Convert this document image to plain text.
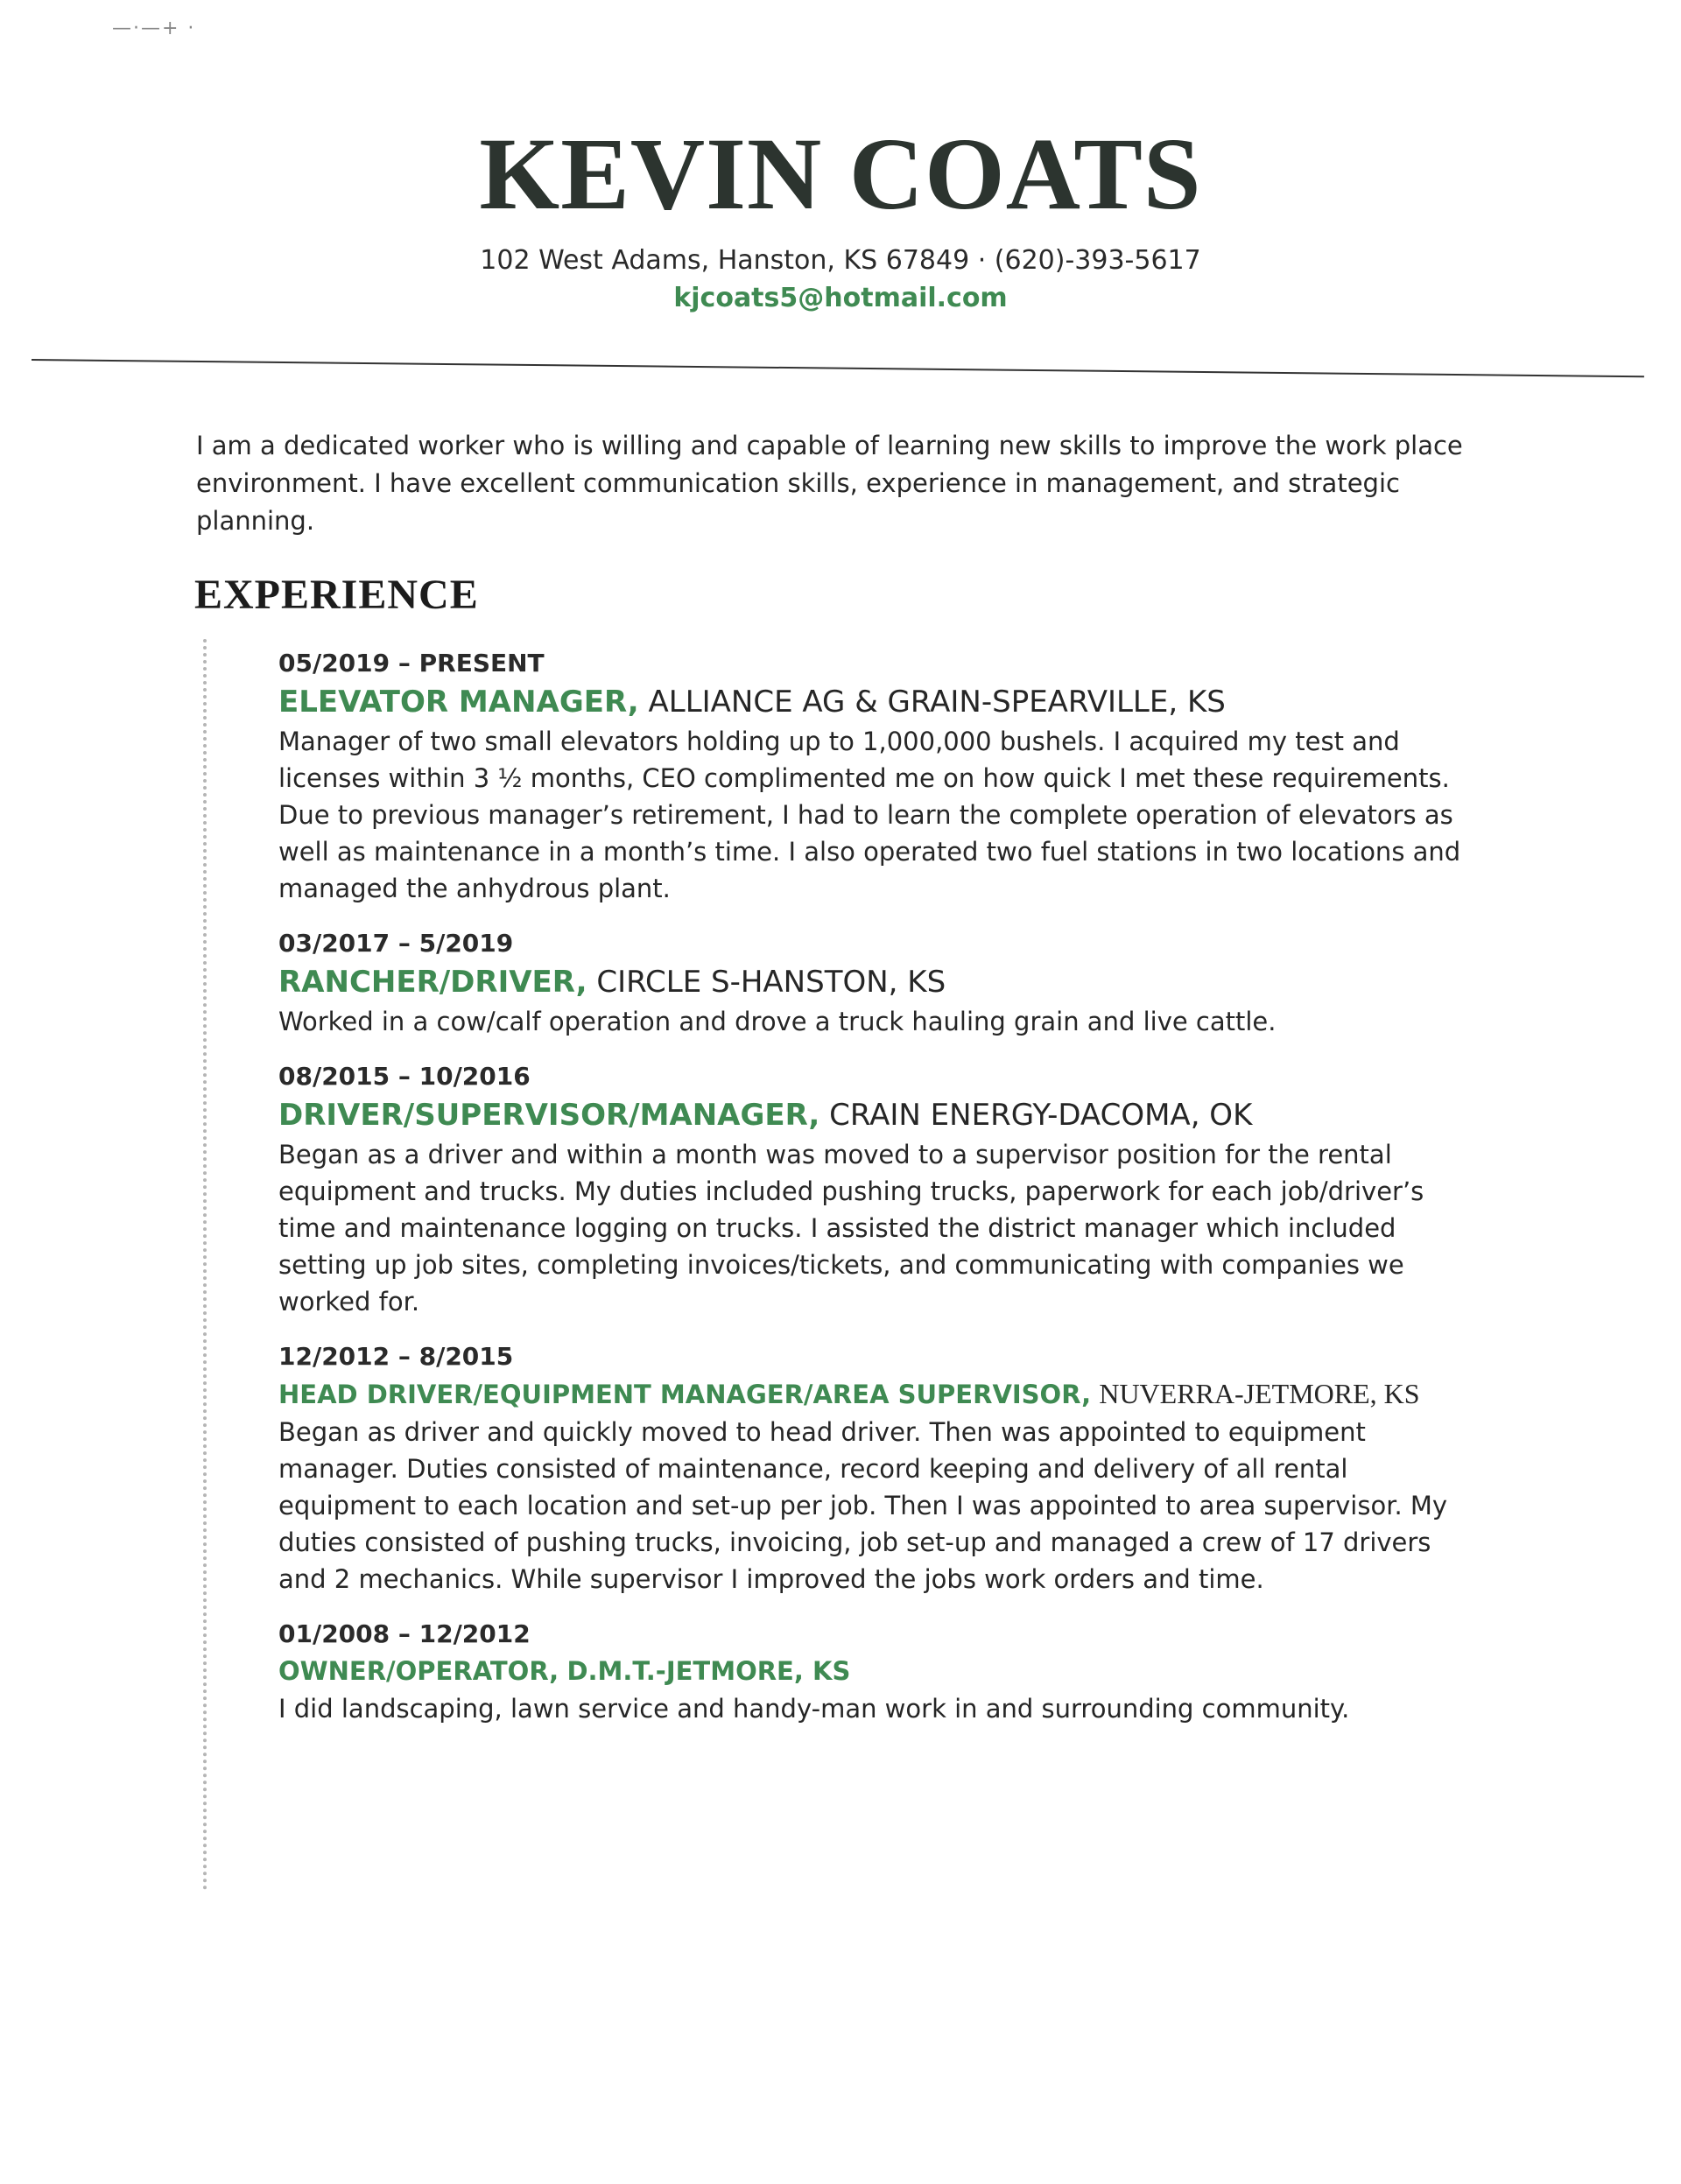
—·—+ ·
KEVIN COATS
102 West Adams, Hanston, KS 67849 · (620)-393-5617
kjcoats5@hotmail.com
I am a dedicated worker who is willing and capable of learning new skills to improve the work place environment. I have excellent communication skills, experience in management, and strategic planning.
EXPERIENCE
05/2019 – PRESENT
ELEVATOR MANAGER, ALLIANCE AG & GRAIN-SPEARVILLE, KS
Manager of two small elevators holding up to 1,000,000 bushels. I acquired my test and licenses within 3 ½ months, CEO complimented me on how quick I met these requirements. Due to previous manager’s retirement, I had to learn the complete operation of elevators as well as maintenance in a month’s time. I also operated two fuel stations in two locations and managed the anhydrous plant.
03/2017 – 5/2019
RANCHER/DRIVER, CIRCLE S-HANSTON, KS
Worked in a cow/calf operation and drove a truck hauling grain and live cattle.
08/2015 – 10/2016
DRIVER/SUPERVISOR/MANAGER, CRAIN ENERGY-DACOMA, OK
Began as a driver and within a month was moved to a supervisor position for the rental equipment and trucks. My duties included pushing trucks, paperwork for each job/driver’s time and maintenance logging on trucks. I assisted the district manager which included setting up job sites, completing invoices/tickets, and communicating with companies we worked for.
12/2012 – 8/2015
HEAD DRIVER/EQUIPMENT MANAGER/AREA SUPERVISOR, NUVERRA-JETMORE, KS
Began as driver and quickly moved to head driver. Then was appointed to equipment manager. Duties consisted of maintenance, record keeping and delivery of all rental equipment to each location and set-up per job. Then I was appointed to area supervisor. My duties consisted of pushing trucks, invoicing, job set-up and managed a crew of 17 drivers and 2 mechanics. While supervisor I improved the jobs work orders and time.
01/2008 – 12/2012
OWNER/OPERATOR, D.M.T.-JETMORE, KS
I did landscaping, lawn service and handy-man work in and surrounding community.
